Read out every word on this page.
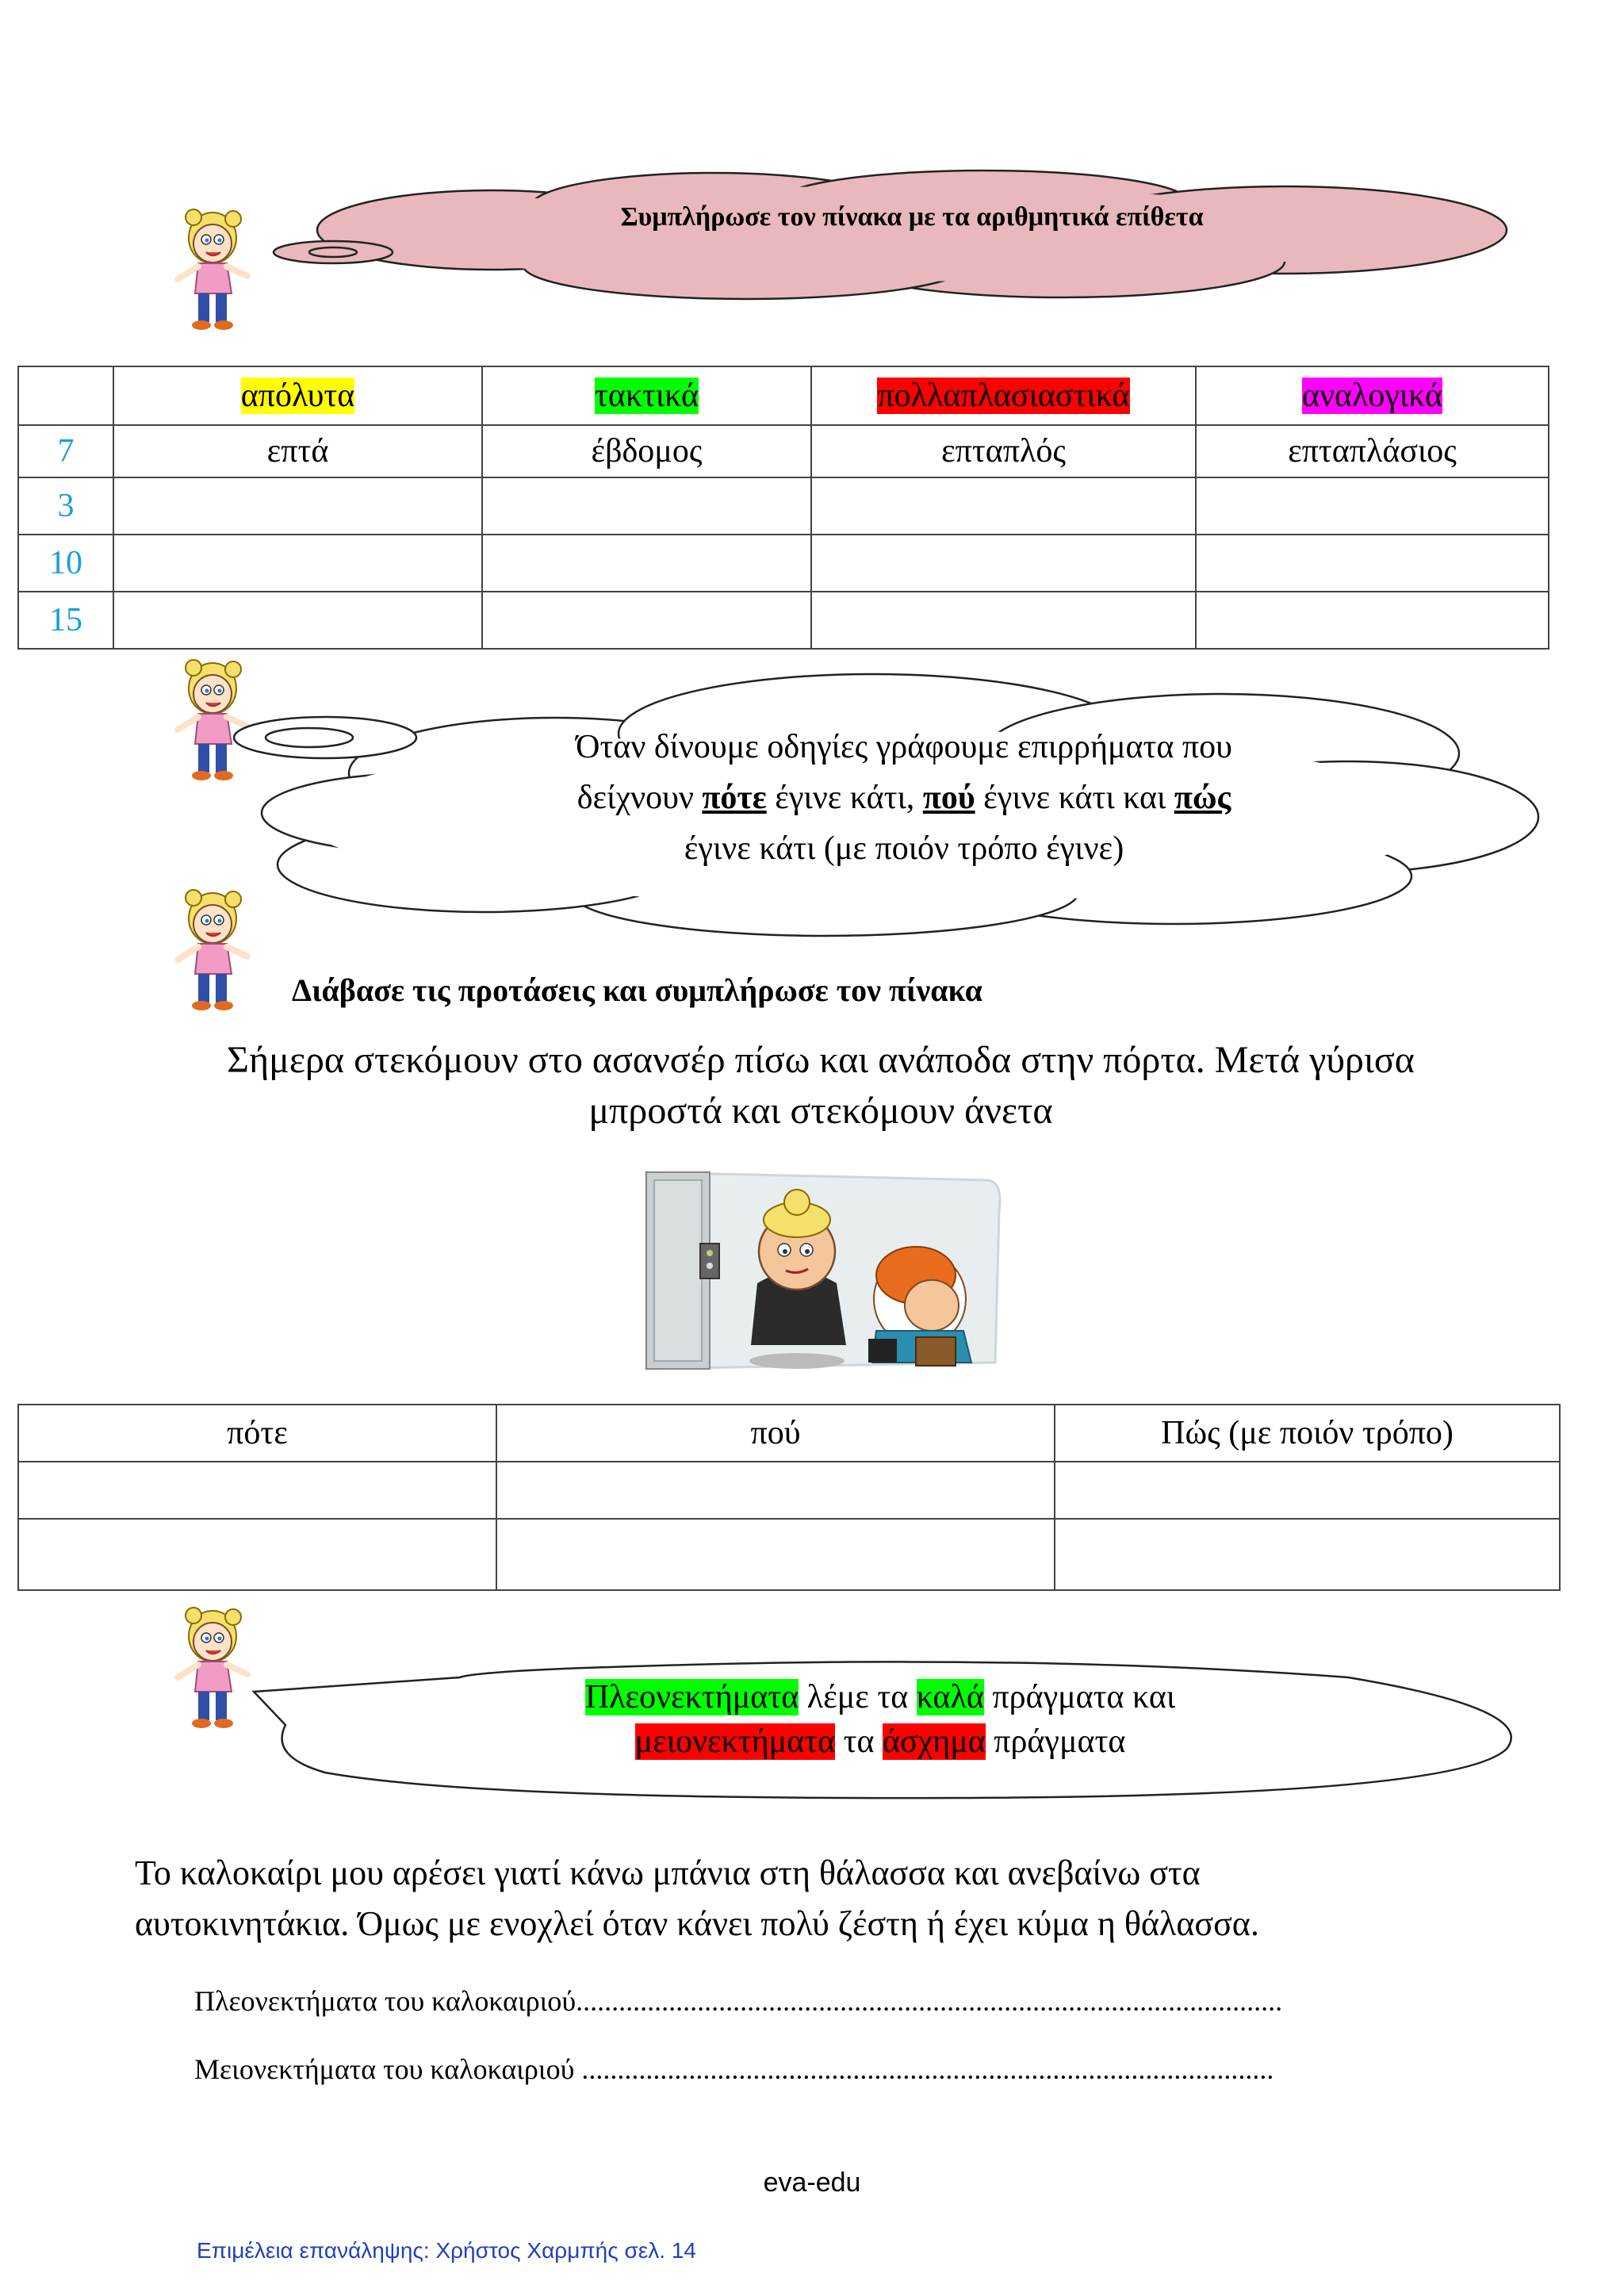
Συμπλήρωσε τον πίνακα με τα αριθμητικά επίθετα
	απόλυτα	τακτικά	πολλαπλασιαστικά	αναλογικά
7	επτά	έβδομος	επταπλός	επταπλάσιος
3				
10				
15				
Όταν δίνουμε οδηγίες γράφουμε επιρρήματα που
δείχνουν πότε έγινε κάτι, πού έγινε κάτι και πώς
έγινε κάτι (με ποιόν τρόπο έγινε)
Διάβασε τις προτάσεις και συμπλήρωσε τον πίνακα
Σήμερα στεκόμουν στο ασανσέρ πίσω και ανάποδα στην πόρτα. Μετά γύρισα
μπροστά και στεκόμουν άνετα
πότε	πού	Πώς (με ποιόν τρόπο)

Πλεονεκτήματα λέμε τα καλά πράγματα και
μειονεκτήματα τα άσχημα πράγματα
Το καλοκαίρι μου αρέσει γιατί κάνω μπάνια στη θάλασσα και ανεβαίνω στα
αυτοκινητάκια. Όμως με ενοχλεί όταν κάνει πολύ ζέστη ή έχει κύμα η θάλασσα.
Πλεονεκτήματα του καλοκαιριού...................................................................................................
Μειονεκτήματα του καλοκαιριού .................................................................................................
eva-edu
Επιμέλεια επανάληψης: Χρήστος Χαρμπής σελ. 14
